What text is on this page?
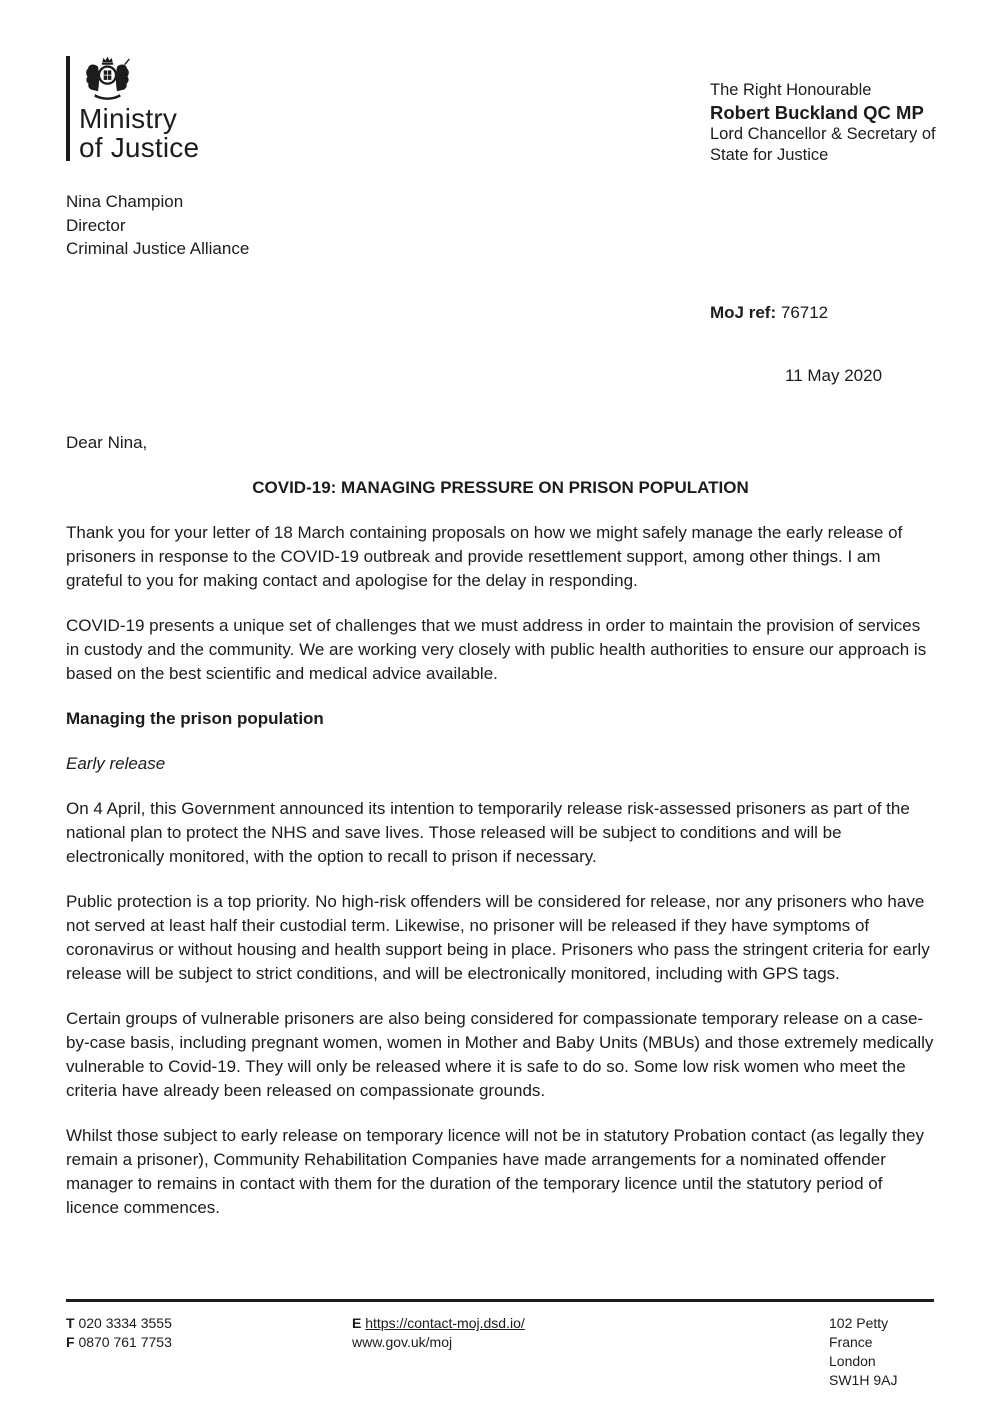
Ministry
of Justice
The Right Honourable
Robert Buckland QC MP
Lord Chancellor & Secretary of
State for Justice
Nina Champion
Director
Criminal Justice Alliance
MoJ ref: 76712
11 May 2020

Dear Nina,

COVID-19: MANAGING PRESSURE ON PRISON POPULATION

Thank you for your letter of 18 March containing proposals on how we might safely manage the early release of prisoners in response to the COVID-19 outbreak and provide resettlement support, among other things. I am grateful to you for making contact and apologise for the delay in responding.

COVID-19 presents a unique set of challenges that we must address in order to maintain the provision of services in custody and the community. We are working very closely with public health authorities to ensure our approach is based on the best scientific and medical advice available.

Managing the prison population

Early release

On 4 April, this Government announced its intention to temporarily release risk-assessed prisoners as part of the national plan to protect the NHS and save lives. Those released will be subject to conditions and will be electronically monitored, with the option to recall to prison if necessary.

Public protection is a top priority. No high-risk offenders will be considered for release, nor any prisoners who have not served at least half their custodial term. Likewise, no prisoner will be released if they have symptoms of coronavirus or without housing and health support being in place. Prisoners who pass the stringent criteria for early release will be subject to strict conditions, and will be electronically monitored, including with GPS tags.

Certain groups of vulnerable prisoners are also being considered for compassionate temporary release on a case-by-case basis, including pregnant women, women in Mother and Baby Units (MBUs) and those extremely medically vulnerable to Covid-19. They will only be released where it is safe to do so. Some low risk women who meet the criteria have already been released on compassionate grounds.

Whilst those subject to early release on temporary licence will not be in statutory Probation contact (as legally they remain a prisoner), Community Rehabilitation Companies have made arrangements for a nominated offender manager to remains in contact with them for the duration of the temporary licence until the statutory period of licence commences.

T 020 3334 3555
F 0870 761 7753
E https://contact-moj.dsd.io/
www.gov.uk/moj
102 Petty France
London
SW1H 9AJ
